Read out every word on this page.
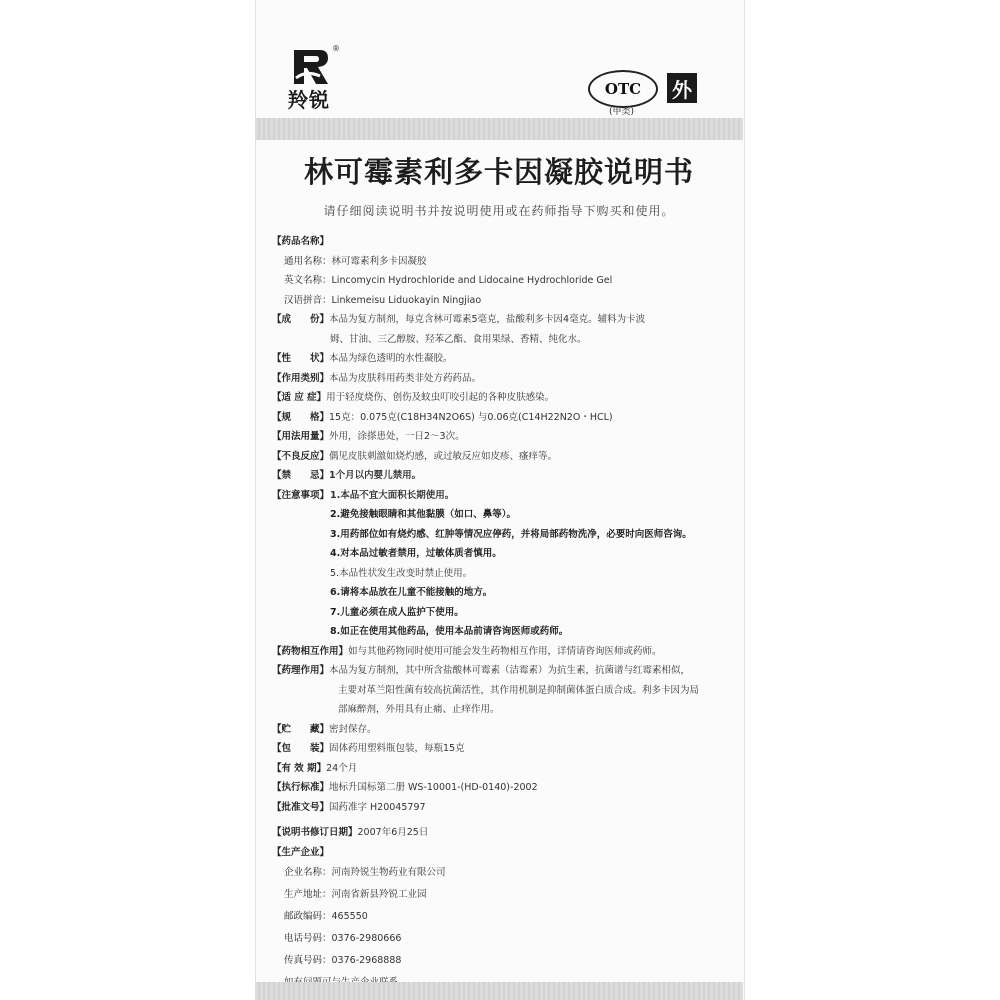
®
羚锐	OTC
(甲类)
外
林可霉素利多卡因凝胶说明书
请仔细阅读说明书并按说明使用或在药师指导下购买和使用。
【药品名称】
通用名称：林可霉素利多卡因凝胶
英文名称：Lincomycin Hydrochloride and Lidocaine Hydrochloride Gel
汉语拼音：Linkemeisu Liduokayin Ningjiao
【成　　份】本品为复方制剂，每克含林可霉素5毫克，盐酸利多卡因4毫克。辅料为卡波
姆、甘油、三乙醇胺、羟苯乙酯、食用果绿、香精、纯化水。
【性　　状】本品为绿色透明的水性凝胶。
【作用类别】本品为皮肤科用药类非处方药药品。
【适 应 症】用于轻度烧伤、创伤及蚊虫叮咬引起的各种皮肤感染。
【规　　格】15克：0.075克(C18H34N2O6S) 与0.06克(C14H22N2O・HCL)
【用法用量】外用，涂搽患处，一日2～3次。
【不良反应】偶见皮肤刺激如烧灼感，或过敏反应如皮疹、瘙痒等。
【禁　　忌】1个月以内婴儿禁用。
【注意事项】1.本品不宜大面积长期使用。
2.避免接触眼睛和其他黏膜（如口、鼻等）。
3.用药部位如有烧灼感、红肿等情况应停药，并将局部药物洗净，必要时向医师咨询。
4.对本品过敏者禁用，过敏体质者慎用。
5.本品性状发生改变时禁止使用。
6.请将本品放在儿童不能接触的地方。
7.儿童必须在成人监护下使用。
8.如正在使用其他药品，使用本品前请咨询医师或药师。
【药物相互作用】如与其他药物同时使用可能会发生药物相互作用，详情请咨询医师或药师。
【药理作用】本品为复方制剂，其中所含盐酸林可霉素（洁霉素）为抗生素，抗菌谱与红霉素相似，
主要对革兰阳性菌有较高抗菌活性，其作用机制是抑制菌体蛋白质合成。利多卡因为局
部麻醉剂，外用具有止痛、止痒作用。
【贮　　藏】密封保存。
【包　　装】固体药用塑料瓶包装，每瓶15克
【有 效 期】24个月
【执行标准】地标升国标第二册 WS-10001-(HD-0140)-2002
【批准文号】国药准字 H20045797
【说明书修订日期】2007年6月25日
【生产企业】
企业名称：河南羚锐生物药业有限公司
生产地址：河南省新县羚锐工业园
邮政编码：465550
电话号码：0376-2980666
传真号码：0376-2968888
